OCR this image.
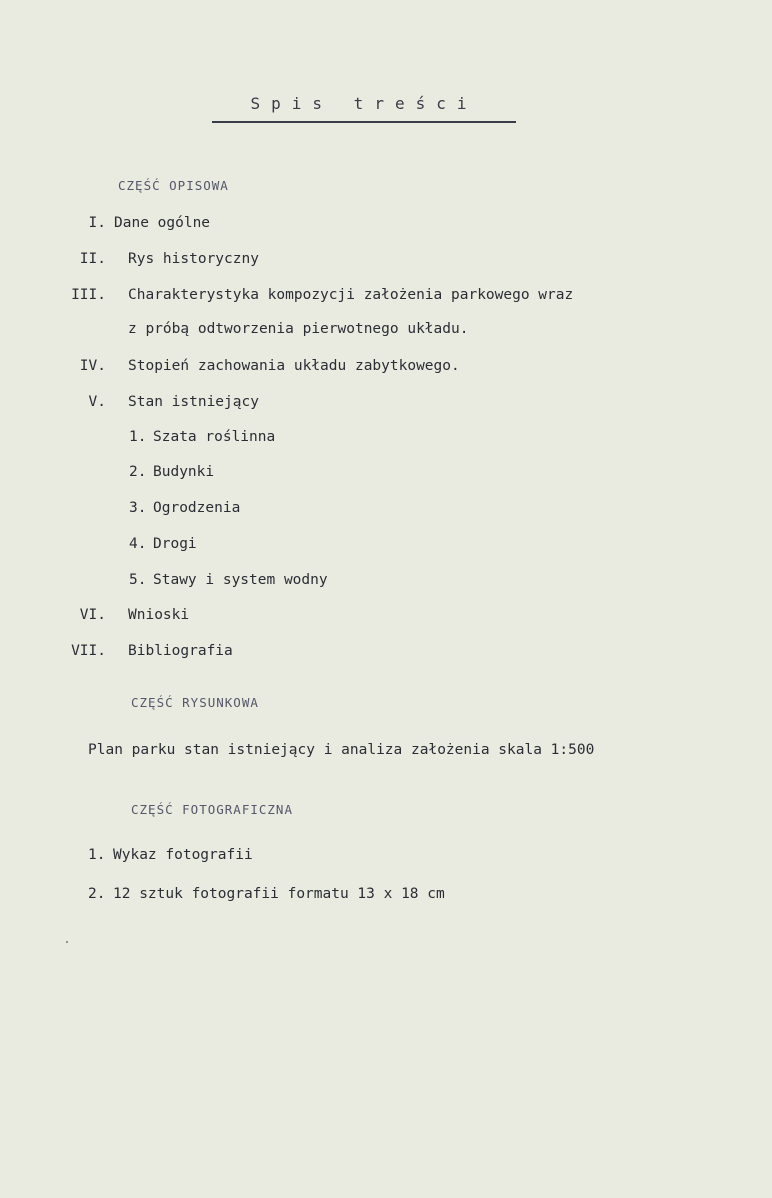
Spis treści
CZĘŚĆ OPISOWA
I. Dane ogólne
II. Rys historyczny
III. Charakterystyka kompozycji założenia parkowego wraz
z próbą odtworzenia pierwotnego układu.
IV. Stopień zachowania układu zabytkowego.
V. Stan istniejący
1. Szata roślinna
2. Budynki
3. Ogrodzenia
4. Drogi
5. Stawy i system wodny
VI. Wnioski
VII. Bibliografia
CZĘŚĆ RYSUNKOWA
Plan parku stan istniejący i analiza założenia skala 1:500
CZĘŚĆ FOTOGRAFICZNA
1. Wykaz fotografii
2. 12 sztuk fotografii formatu 13 x 18 cm
